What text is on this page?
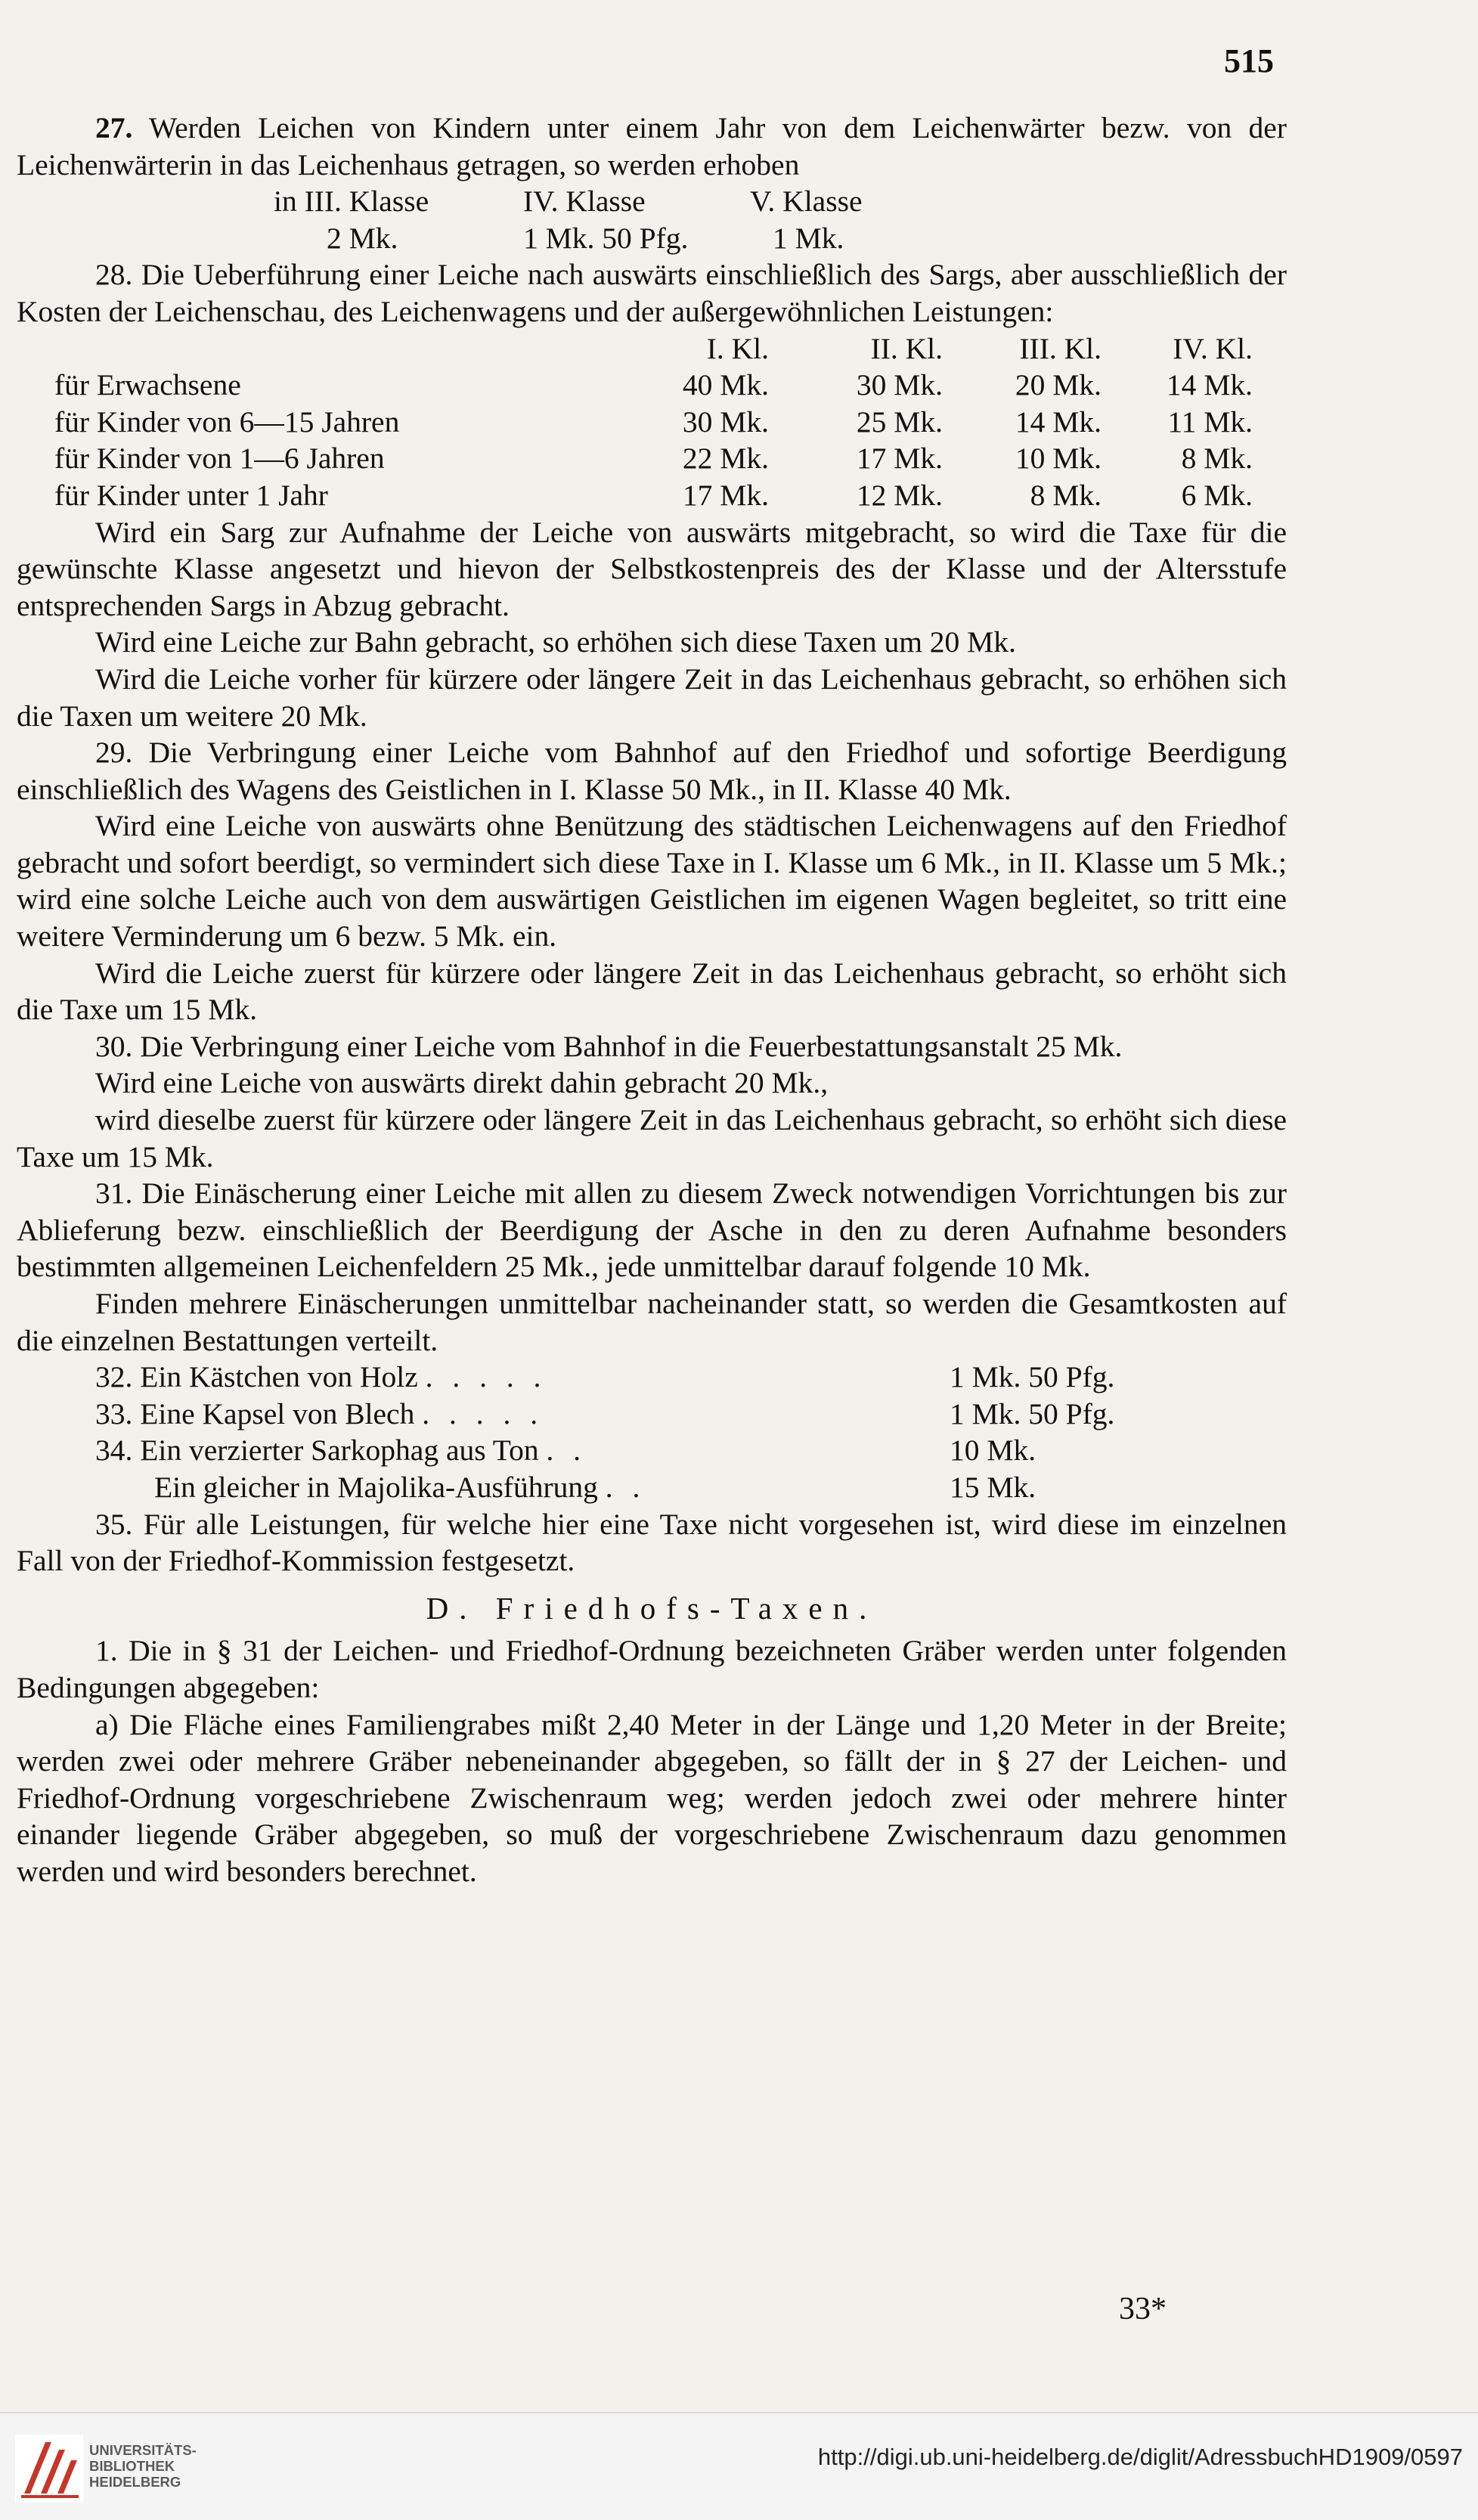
515

27. Werden Leichen von Kindern unter einem Jahr von dem Leichenwärter bezw. von der Leichenwärterin in das Leichenhaus getragen, so werden erhoben

in III. Klasse	IV. Klasse	V. Klasse
2 Mk.	1 Mk. 50 Pfg.	1 Mk.

28. Die Ueberführung einer Leiche nach auswärts einschließlich des Sargs, aber ausschließlich der Kosten der Leichenschau, des Leichenwagens und der außergewöhnlichen Leistungen:

I. Kl.	II. Kl.	III. Kl.	IV. Kl.
für Erwachsene	40 Mk.	30 Mk.	20 Mk.	14 Mk.
für Kinder von 6—15 Jahren	30 Mk.	25 Mk.	14 Mk.	11 Mk.
für Kinder von 1—6 Jahren	22 Mk.	17 Mk.	10 Mk.	8 Mk.
für Kinder unter 1 Jahr	17 Mk.	12 Mk.	8 Mk.	6 Mk.

Wird ein Sarg zur Aufnahme der Leiche von auswärts mitgebracht, so wird die Taxe für die gewünschte Klasse angesetzt und hievon der Selbstkostenpreis des der Klasse und der Altersstufe entsprechenden Sargs in Abzug gebracht.

Wird eine Leiche zur Bahn gebracht, so erhöhen sich diese Taxen um 20 Mk.

Wird die Leiche vorher für kürzere oder längere Zeit in das Leichenhaus gebracht, so erhöhen sich die Taxen um weitere 20 Mk.

29. Die Verbringung einer Leiche vom Bahnhof auf den Friedhof und sofortige Beerdigung einschließlich des Wagens des Geistlichen in I. Klasse 50 Mk., in II. Klasse 40 Mk.

Wird eine Leiche von auswärts ohne Benützung des städtischen Leichenwagens auf den Friedhof gebracht und sofort beerdigt, so vermindert sich diese Taxe in I. Klasse um 6 Mk., in II. Klasse um 5 Mk.; wird eine solche Leiche auch von dem auswärtigen Geistlichen im eigenen Wagen begleitet, so tritt eine weitere Verminderung um 6 bezw. 5 Mk. ein.

Wird die Leiche zuerst für kürzere oder längere Zeit in das Leichenhaus gebracht, so erhöht sich die Taxe um 15 Mk.

30. Die Verbringung einer Leiche vom Bahnhof in die Feuerbestattungsanstalt 25 Mk.

Wird eine Leiche von auswärts direkt dahin gebracht 20 Mk.,

wird dieselbe zuerst für kürzere oder längere Zeit in das Leichenhaus gebracht, so erhöht sich diese Taxe um 15 Mk.

31. Die Einäscherung einer Leiche mit allen zu diesem Zweck notwendigen Vorrichtungen bis zur Ablieferung bezw. einschließlich der Beerdigung der Asche in den zu deren Aufnahme besonders bestimmten allgemeinen Leichenfeldern 25 Mk., jede unmittelbar darauf folgende 10 Mk.

Finden mehrere Einäscherungen unmittelbar nacheinander statt, so werden die Gesamtkosten auf die einzelnen Bestattungen verteilt.

32. Ein Kästchen von Holz . . . . .	1 Mk. 50 Pfg.
33. Eine Kapsel von Blech . . . . .	1 Mk. 50 Pfg.
34. Ein verzierter Sarkophag aus Ton . .	10 Mk.
Ein gleicher in Majolika-Ausführung . .	15 Mk.

35. Für alle Leistungen, für welche hier eine Taxe nicht vorgesehen ist, wird diese im einzelnen Fall von der Friedhof-Kommission festgesetzt.

D. Friedhofs-Taxen.

1. Die in § 31 der Leichen- und Friedhof-Ordnung bezeichneten Gräber werden unter folgenden Bedingungen abgegeben:

a) Die Fläche eines Familiengrabes mißt 2,40 Meter in der Länge und 1,20 Meter in der Breite; werden zwei oder mehrere Gräber nebeneinander abgegeben, so fällt der in § 27 der Leichen- und Friedhof-Ordnung vorgeschriebene Zwischenraum weg; werden jedoch zwei oder mehrere hinter einander liegende Gräber abgegeben, so muß der vorgeschriebene Zwischenraum dazu genommen werden und wird besonders berechnet.

33*
UNIVERSITÄTS-
BIBLIOTHEK
HEIDELBERG
http://digi.ub.uni-heidelberg.de/diglit/AdressbuchHD1909/0597
